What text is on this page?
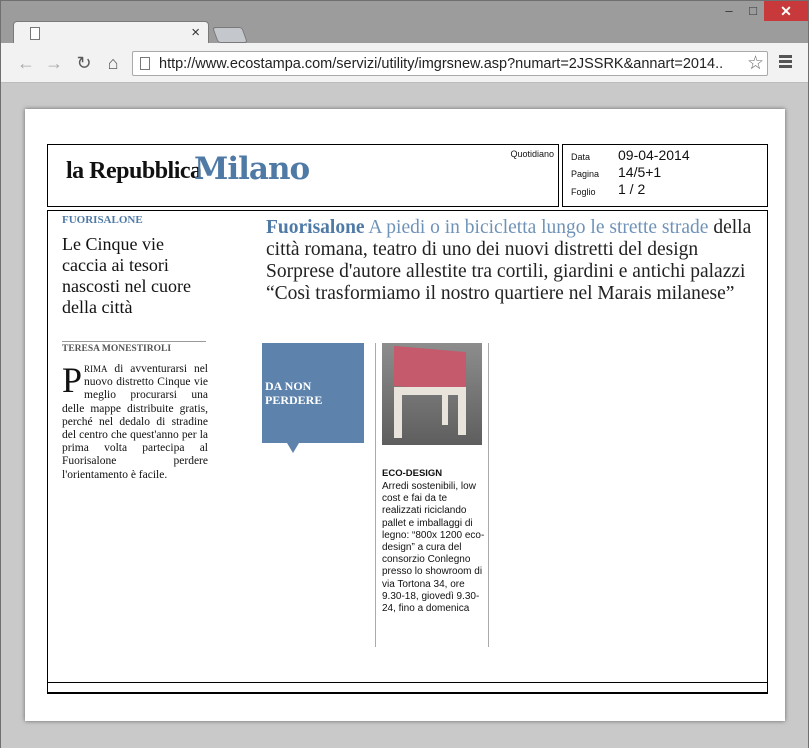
×
–	□	✕
← → ↻ ⌂	http://www.ecostampa.com/servizi/utility/imgrsnew.asp?numart=2JSSRK&annart=2014..	☆
la Repubblica
Milano	Quotidiano Data 09-04-2014
Pagina 14/5+1
Foglio 1 / 2
FUORISALONE
Le Cinque vie caccia ai tesori nascosti nel cuore della città
TERESA MONESTIROLI
PRIMA di avventurarsi nel nuovo distretto Cinque vie meglio procurarsi una delle mappe distribuite gratis, perché nel dedalo di stradine del centro che quest'anno per la prima volta partecipa al Fuorisalone perdere l'orientamento è facile.
Fuorisalone A piedi o in bicicletta lungo le strette strade della città romana, teatro di uno dei nuovi distretti del design Sorprese d'autore allestite tra cortili, giardini e antichi palazzi “Così trasformiamo il nostro quartiere nel Marais milanese”
DA NON PERDERE
ECO-DESIGN
Arredi sostenibili, low cost e fai da te realizzati riciclando pallet e imballaggi di legno: “800x 1200 eco-design” a cura del consorzio Conlegno presso lo showroom di via Tortona 34, ore 9.30-18, giovedì 9.30-24, fino a domenica
